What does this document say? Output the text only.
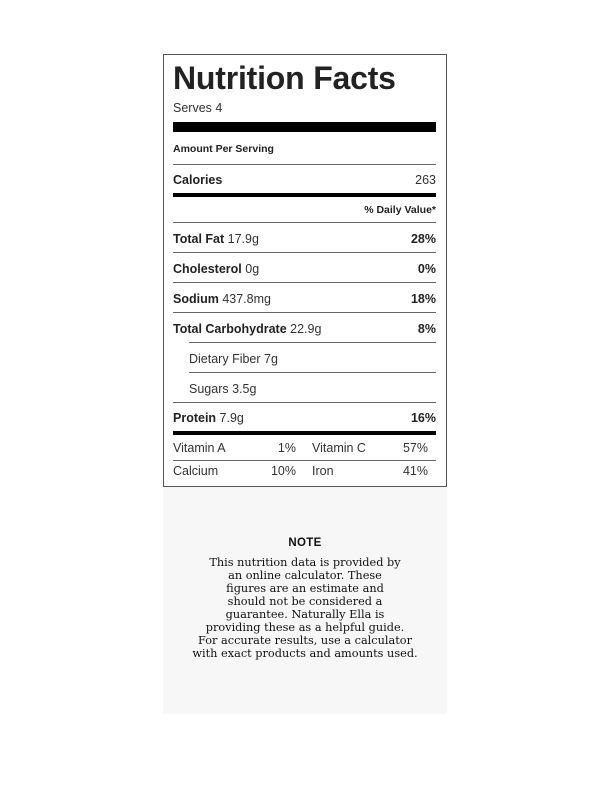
Nutrition Facts
Serves 4
Amount Per Serving
Calories	263
% Daily Value*
Total Fat 17.9g	28%
Cholesterol 0g	0%
Sodium 437.8mg	18%
Total Carbohydrate 22.9g	8%
Dietary Fiber 7g
Sugars 3.5g
Protein 7.9g	16%
Vitamin A	1% Vitamin C	57%
Calcium	10% Iron	41%
NOTE
This nutrition data is provided by
an online calculator. These
figures are an estimate and
should not be considered a
guarantee. Naturally Ella is
providing these as a helpful guide.
For accurate results, use a calculator
with exact products and amounts used.
